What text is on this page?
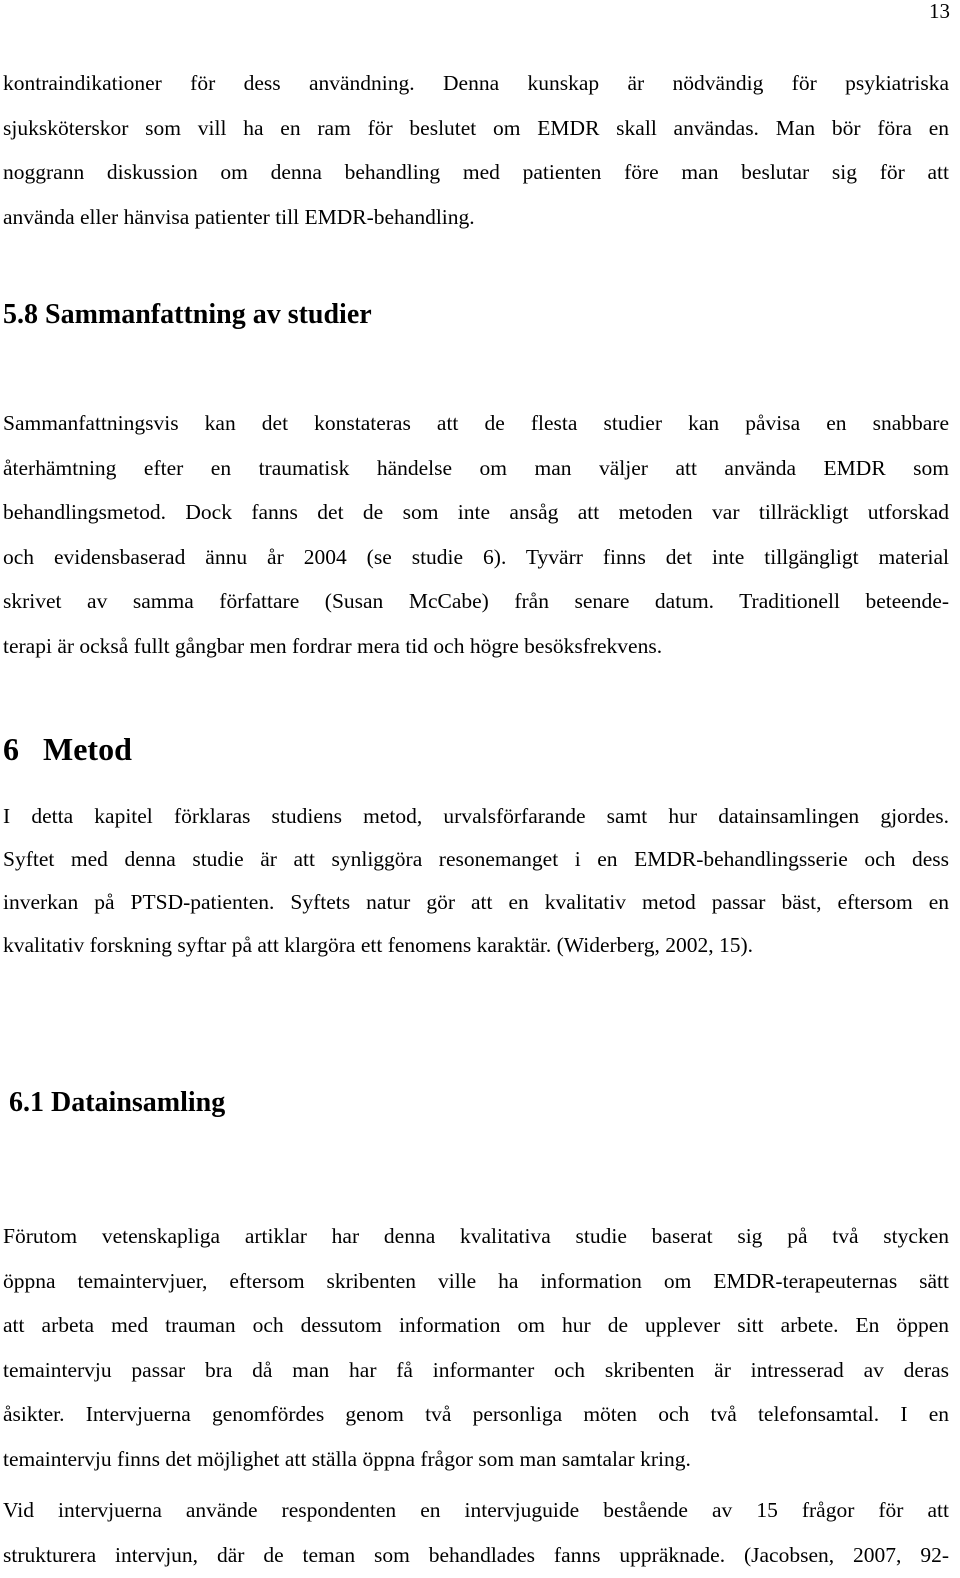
13
kontraindikationer för dess användning. Denna kunskap är nödvändig för psykiatriska
sjuksköterskor som vill ha en ram för beslutet om EMDR skall användas. Man bör föra en
noggrann diskussion om denna behandling med patienten före man beslutar sig för att
använda eller hänvisa patienter till EMDR-behandling.
5.8 Sammanfattning av studier
Sammanfattningsvis kan det konstateras att de flesta studier kan påvisa en snabbare
återhämtning efter en traumatisk händelse om man väljer att använda EMDR som
behandlingsmetod. Dock fanns det de som inte ansåg att metoden var tillräckligt utforskad
och evidensbaserad ännu år 2004 (se studie 6). Tyvärr finns det inte tillgängligt material
skrivet av samma författare (Susan McCabe) från senare datum. Traditionell beteende-
terapi är också fullt gångbar men fordrar mera tid och högre besöksfrekvens.
6   Metod
I detta kapitel förklaras studiens metod, urvalsförfarande samt hur datainsamlingen gjordes.
Syftet med denna studie är att synliggöra resonemanget i en EMDR-behandlingsserie och dess
inverkan på PTSD-patienten. Syftets natur gör att en kvalitativ metod passar bäst, eftersom en
kvalitativ forskning syftar på att klargöra ett fenomens karaktär. (Widerberg, 2002, 15).
6.1 Datainsamling
Förutom vetenskapliga artiklar har denna kvalitativa studie baserat sig på två stycken
öppna temaintervjuer, eftersom skribenten ville ha information om EMDR-terapeuternas sätt
att arbeta med trauman och dessutom information om hur de upplever sitt arbete. En öppen
temaintervju passar bra då man har få informanter och skribenten är intresserad av deras
åsikter. Intervjuerna genomfördes genom två personliga möten och två telefonsamtal. I en
temaintervju finns det möjlighet att ställa öppna frågor som man samtalar kring.
Vid intervjuerna använde respondenten en intervjuguide bestående av 15 frågor för att
strukturera intervjun, där de teman som behandlades fanns uppräknade. (Jacobsen, 2007, 92-
